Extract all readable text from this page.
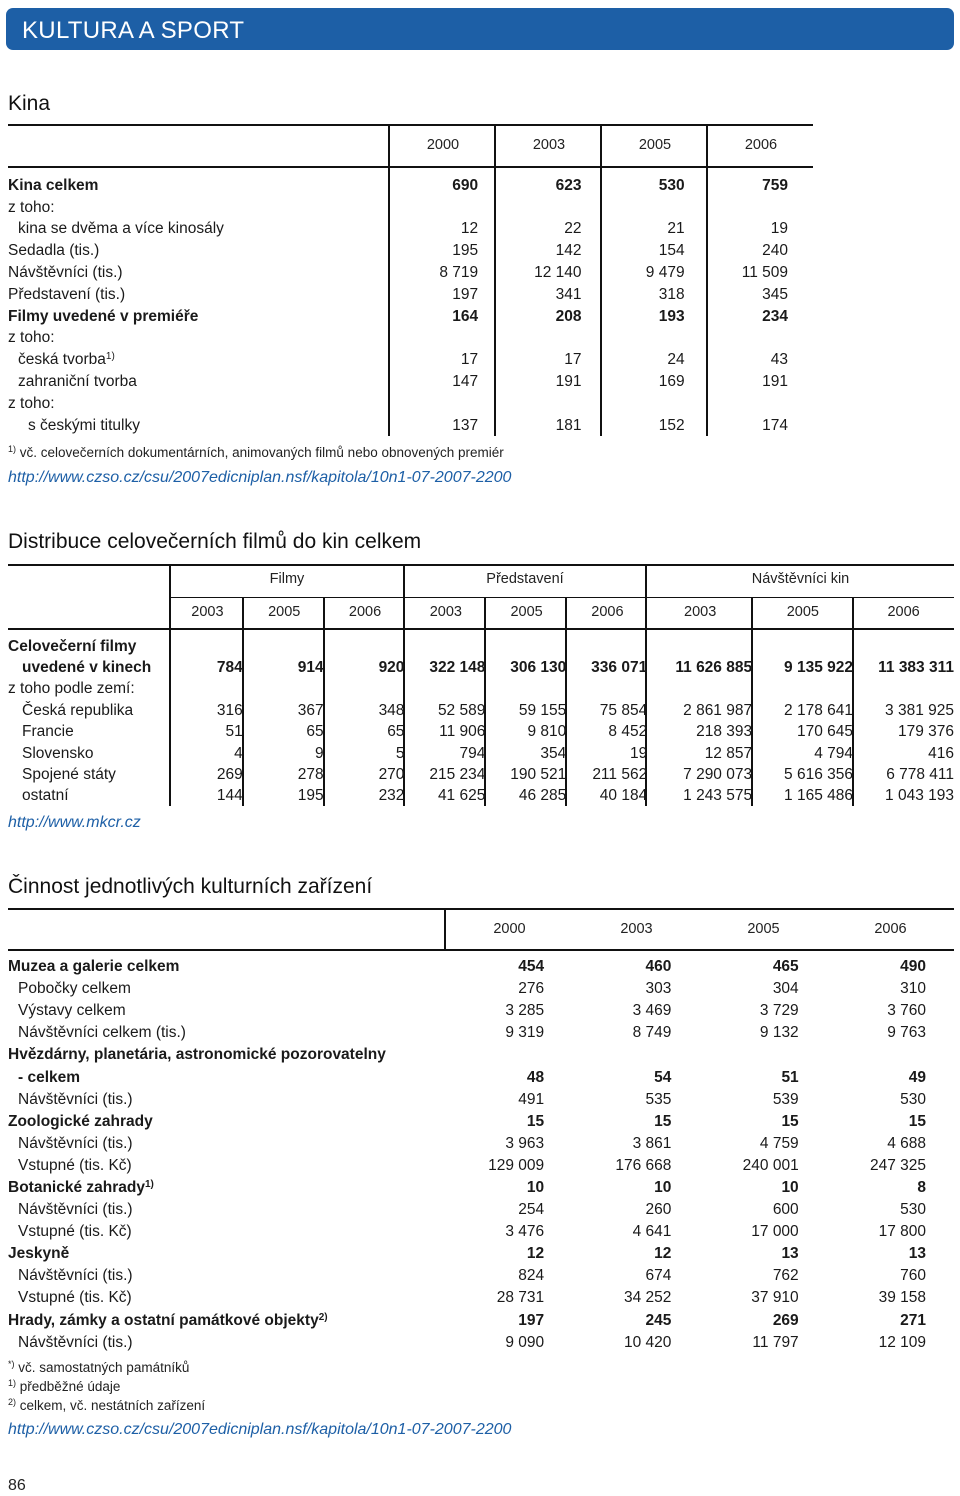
KULTURA A SPORT
Kina
2000	2003	2005	2006
Kina celkem	690	623	530	759
z toho:				
kina se dvěma a více kinosály	12	22	21	19
Sedadla (tis.)	195	142	154	240
Návštěvníci (tis.)	8 719	12 140	9 479	11 509
Představení (tis.)	197	341	318	345
Filmy uvedené v premiéře	164	208	193	234
z toho:				
česká tvorba$^{1)}$	17	17	24	43
zahraniční tvorba	147	191	169	191
z toho:				
s českými titulky	137	181	152	174
$^{1)}$ vč. celovečerních dokumentárních, animovaných filmů nebo obnovených premiér
http://www.czso.cz/csu/2007edicniplan.nsf/kapitola/10n1-07-2007-2200
Distribuce celovečerních filmů do kin celkem
Filmy	Představení	Návštěvníci kin
2003	2005	2006	2003	2005	2006	2003	2005	2006
Celovečerní filmy									
uvedené v kinech	784	914	920	322 148	306 130	336 071	11 626 885	9 135 922	11 383 311
z toho podle zemí:									
Česká republika	316	367	348	52 589	59 155	75 854	2 861 987	2 178 641	3 381 925
Francie	51	65	65	11 906	9 810	8 452	218 393	170 645	179 376
Slovensko	4	9	5	794	354	19	12 857	4 794	416
Spojené státy	269	278	270	215 234	190 521	211 562	7 290 073	5 616 356	6 778 411
ostatní	144	195	232	41 625	46 285	40 184	1 243 575	1 165 486	1 043 193
http://www.mkcr.cz
Činnost jednotlivých kulturních zařízení
2000	2003	2005	2006
Muzea a galerie celkem	454	460	465	490
Pobočky celkem	276	303	304	310
Výstavy celkem	3 285	3 469	3 729	3 760
Návštěvníci celkem (tis.)	9 319	8 749	9 132	9 763
Hvězdárny, planetária, astronomické pozorovatelny				
- celkem	48	54	51	49
Návštěvníci (tis.)	491	535	539	530
Zoologické zahrady	15	15	15	15
Návštěvníci (tis.)	3 963	3 861	4 759	4 688
Vstupné (tis. Kč)	129 009	176 668	240 001	247 325
Botanické zahrady$^{1)}$	10	10	10	8
Návštěvníci (tis.)	254	260	600	530
Vstupné (tis. Kč)	3 476	4 641	17 000	17 800
Jeskyně	12	12	13	13
Návštěvníci (tis.)	824	674	762	760
Vstupné (tis. Kč)	28 731	34 252	37 910	39 158
Hrady, zámky a ostatní památkové objekty$^{2)}$	197	245	269	271
Návštěvníci (tis.)	9 090	10 420	11 797	12 109
*) vč. samostatných památníků
$^{1)}$ předběžné údaje
$^{2)}$ celkem, vč. nestátních zařízení
http://www.czso.cz/csu/2007edicniplan.nsf/kapitola/10n1-07-2007-2200
86
